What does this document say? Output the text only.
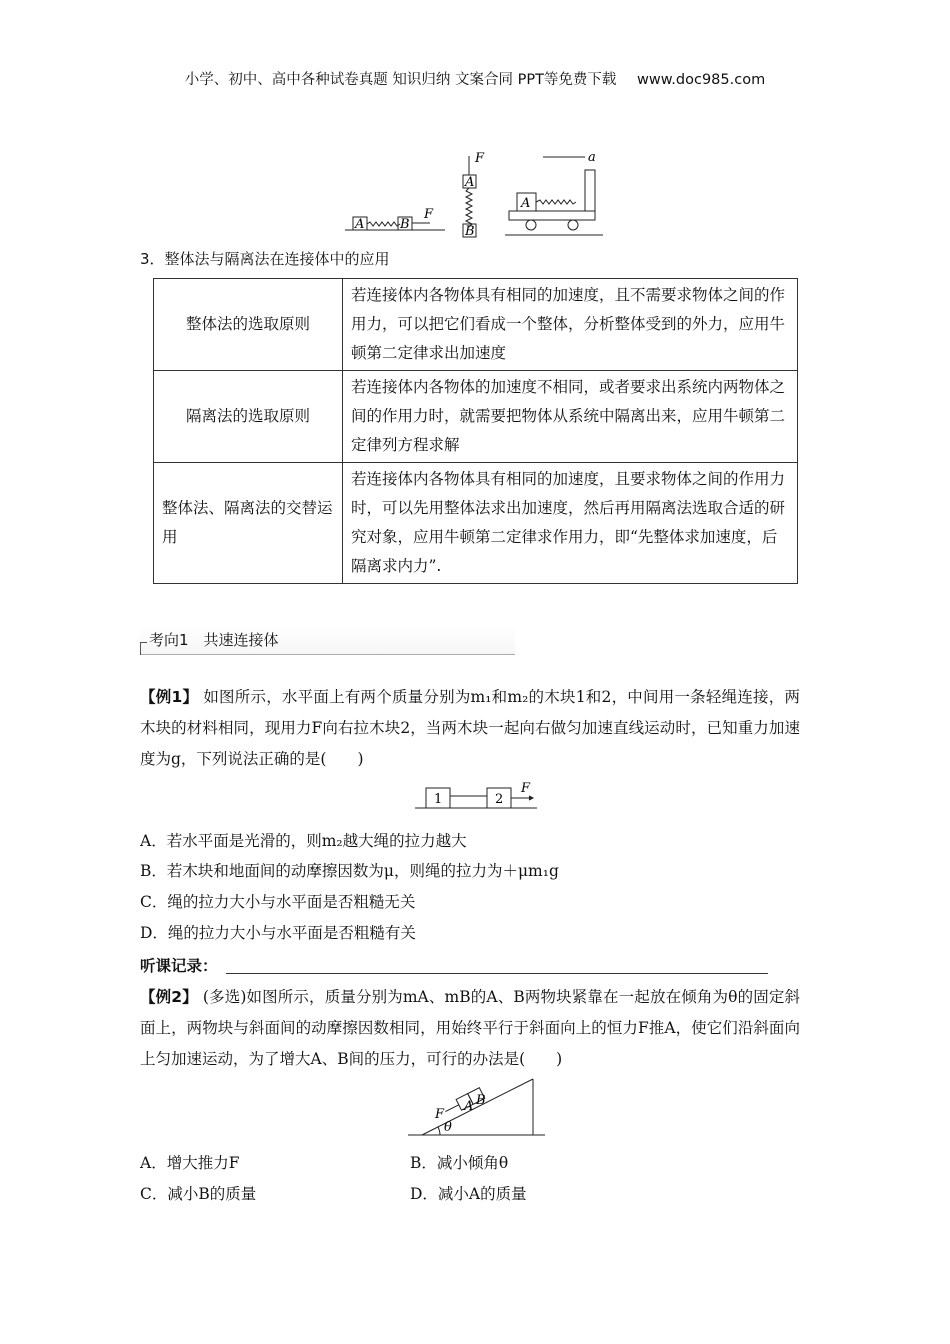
小学、初中、高中各种试卷真题 知识归纳 文案合同 PPT等免费下载 www.doc985.com
A	B
F
A
F
B
A
a
3．整体法与隔离法在连接体中的应用
整体法的选取原则	若连接体内各物体具有相同的加速度，且不需要求物体之间的作用力，可以把它们看成一个整体，分析整体受到的外力，应用牛顿第二定律求出加速度
隔离法的选取原则	若连接体内各物体的加速度不相同，或者要求出系统内两物体之间的作用力时，就需要把物体从系统中隔离出来，应用牛顿第二定律列方程求解
整体法、隔离法的交替运用	若连接体内各物体具有相同的加速度，且要求物体之间的作用力时，可以先用整体法求出加速度，然后再用隔离法选取合适的研究对象，应用牛顿第二定律求作用力，即“先整体求加速度，后隔离求内力”.
考向1　共速连接体
【例1】 如图所示，水平面上有两个质量分别为m₁和m₂的木块1和2，中间用一条轻绳连接，两木块的材料相同，现用力F向右拉木块2，当两木块一起向右做匀加速直线运动时，已知重力加速度为g，下列说法正确的是(　　)
1	2
F
A．若水平面是光滑的，则m₂越大绳的拉力越大
B．若木块和地面间的动摩擦因数为μ，则绳的拉力为＋μm₁g
C．绳的拉力大小与水平面是否粗糙无关
D．绳的拉力大小与水平面是否粗糙有关
听课记录：
【例2】 (多选)如图所示，质量分别为mA、mB的A、B两物块紧靠在一起放在倾角为θ的固定斜面上，两物块与斜面间的动摩擦因数相同，用始终平行于斜面向上的恒力F推A，使它们沿斜面向上匀加速运动，为了增大A、B间的压力，可行的办法是(　　)
F
A B
θ
A．增大推力F	B．减小倾角θ
C．减小B的质量	D．减小A的质量
